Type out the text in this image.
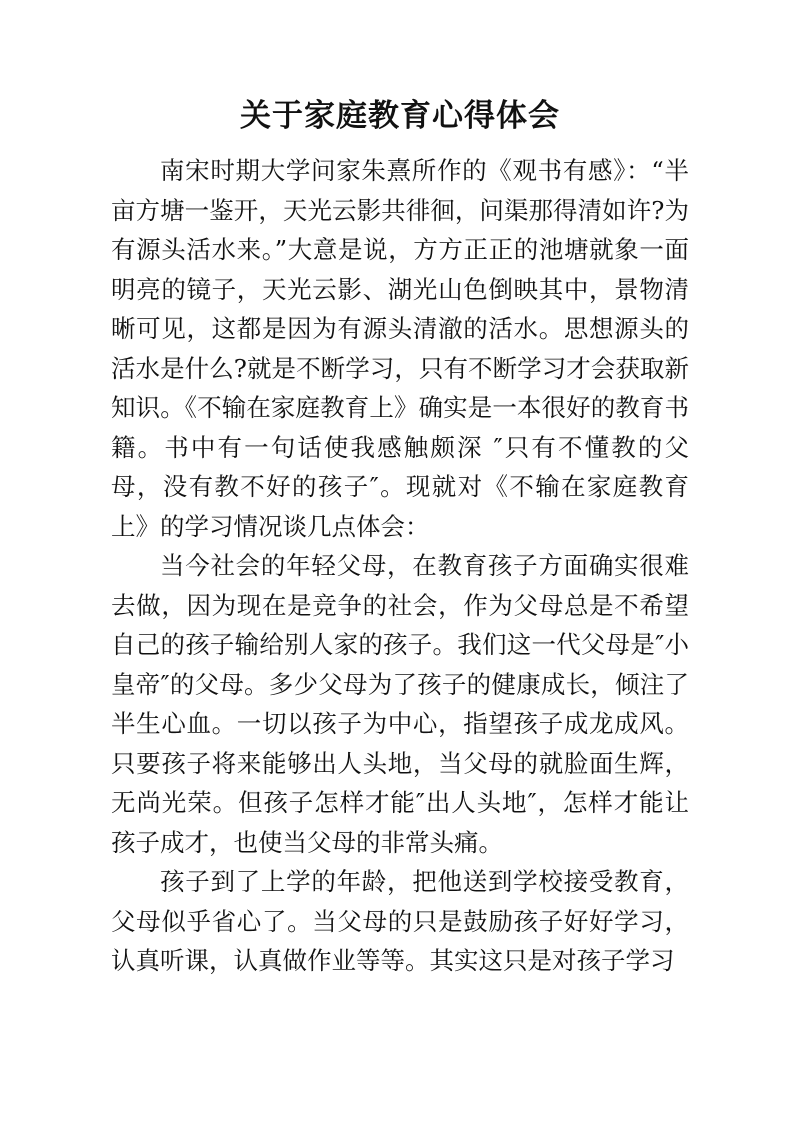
关于家庭教育心得体会

南宋时期大学问家朱熹所作的《观书有感》：“半亩方塘一鉴开，天光云影共徘徊，问渠那得清如许?为有源头活水来。”大意是说，方方正正的池塘就象一面明亮的镜子，天光云影、湖光山色倒映其中，景物清晰可见，这都是因为有源头清澈的活水。思想源头的活水是什么?就是不断学习，只有不断学习才会获取新知识。《不输在家庭教育上》确实是一本很好的教育书籍。书中有一句话使我感触颇深 ″只有不懂教的父母，没有教不好的孩子″。现就对《不输在家庭教育上》的学习情况谈几点体会：

当今社会的年轻父母，在教育孩子方面确实很难去做，因为现在是竞争的社会，作为父母总是不希望自己的孩子输给别人家的孩子。我们这一代父母是″小皇帝″的父母。多少父母为了孩子的健康成长，倾注了半生心血。一切以孩子为中心，指望孩子成龙成风。只要孩子将来能够出人头地，当父母的就脸面生辉，无尚光荣。但孩子怎样才能″出人头地″，怎样才能让孩子成才，也使当父母的非常头痛。

孩子到了上学的年龄，把他送到学校接受教育，父母似乎省心了。当父母的只是鼓励孩子好好学习，认真听课，认真做作业等等。其实这只是对孩子学习
